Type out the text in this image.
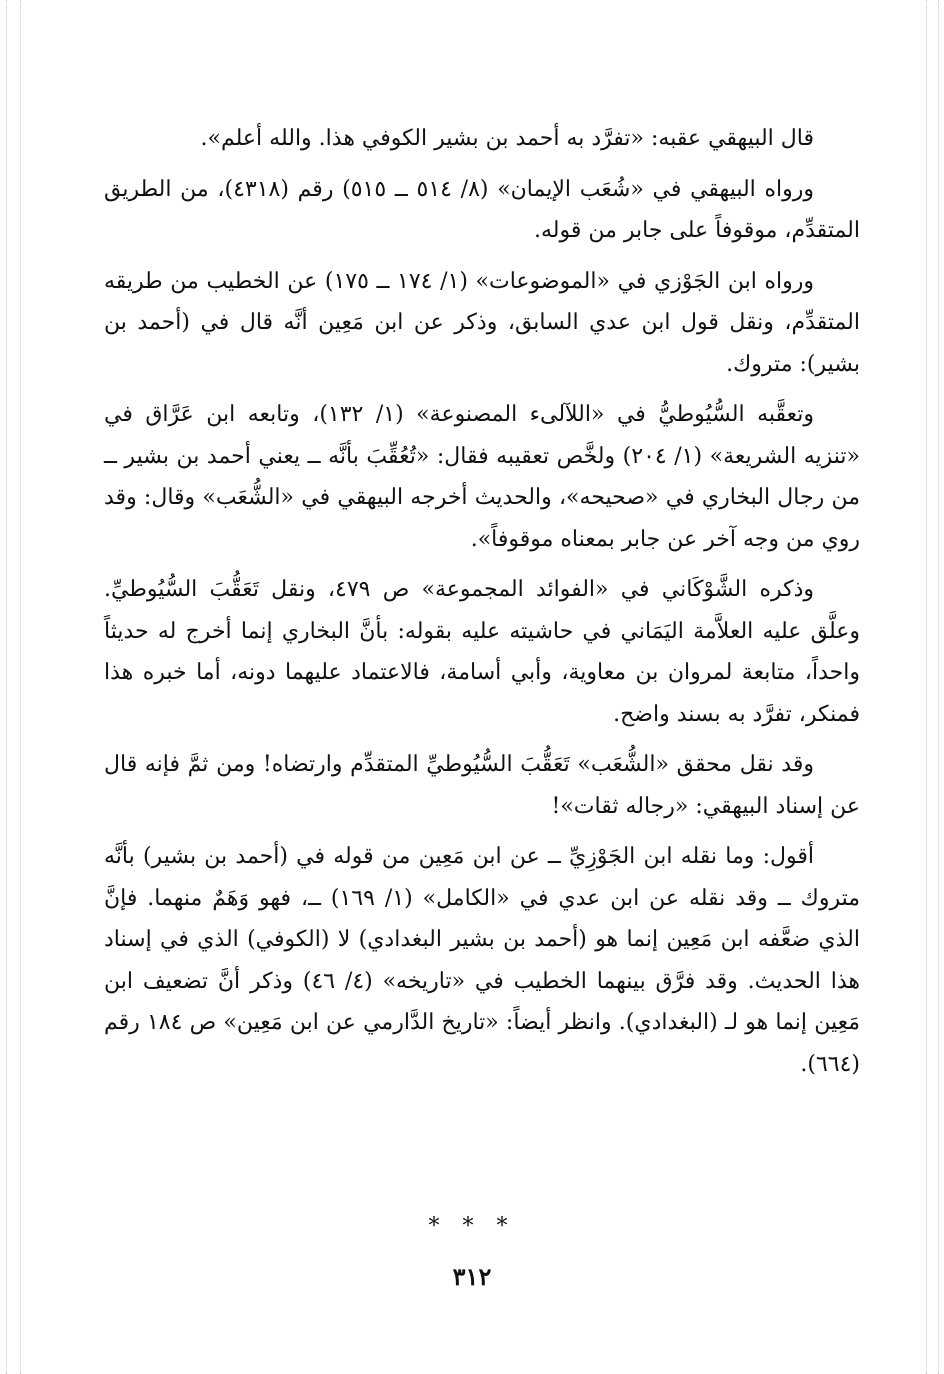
قال البيهقي عقبه: «تفرَّد به أحمد بن بشير الكوفي هذا. والله أعلم».

ورواه البيهقي في «شُعَب الإيمان» (٨/ ٥١٤ ــ ٥١٥) رقم (٤٣١٨)، من الطريق المتقدِّم، موقوفاً على جابر من قوله.

ورواه ابن الجَوْزي في «الموضوعات» (١/ ١٧٤ ــ ١٧٥) عن الخطيب من طريقه المتقدِّم، ونقل قول ابن عدي السابق، وذكر عن ابن مَعِين أنَّه قال في (أحمد بن بشير): متروك.

وتعقَّبه السُّيُوطيُّ في «اللآلىء المصنوعة» (١/ ١٣٢)، وتابعه ابن عَرَّاق في «تنزيه الشريعة» (١/ ٢٠٤) ولخَّص تعقيبه فقال: «تُعُقِّبَ بأنَّه ــ يعني أحمد بن بشير ــ من رجال البخاري في «صحيحه»، والحديث أخرجه البيهقي في «الشُّعَب» وقال: وقد روي من وجه آخر عن جابر بمعناه موقوفاً».

وذكره الشَّوْكَاني في «الفوائد المجموعة» ص ٤٧٩، ونقل تَعَقُّبَ السُّيُوطيِّ. وعلَّق عليه العلاَّمة اليَمَاني في حاشيته عليه بقوله: بأنَّ البخاري إنما أخرج له حديثاً واحداً، متابعة لمروان بن معاوية، وأبي أسامة، فالاعتماد عليهما دونه، أما خبره هذا فمنكر، تفرَّد به بسند واضح.

وقد نقل محقق «الشُّعَب» تَعَقُّبَ السُّيُوطيِّ المتقدِّم وارتضاه! ومن ثمَّ فإنه قال عن إسناد البيهقي: «رجاله ثقات»!

أقول: وما نقله ابن الجَوْزِيِّ ــ عن ابن مَعِين من قوله في (أحمد بن بشير) بأنَّه متروك ــ وقد نقله عن ابن عدي في «الكامل» (١/ ١٦٩) ــ، فهو وَهَمٌ منهما. فإنَّ الذي ضعَّفه ابن مَعِين إنما هو (أحمد بن بشير البغدادي) لا (الكوفي) الذي في إسناد هذا الحديث. وقد فرَّق بينهما الخطيب في «تاريخه» (٤/ ٤٦) وذكر أنَّ تضعيف ابن مَعِين إنما هو لـ (البغدادي). وانظر أيضاً: «تاريخ الدَّارمي عن ابن مَعِين» ص ١٨٤ رقم (٦٦٤).

* * *
٣١٢
